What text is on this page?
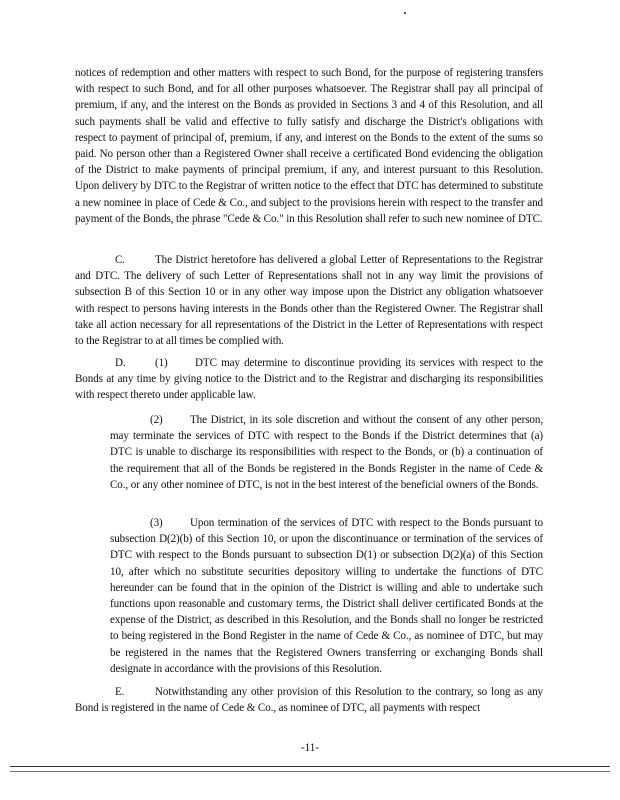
notices of redemption and other matters with respect to such Bond, for the purpose of registering transfers with respect to such Bond, and for all other purposes whatsoever. The Registrar shall pay all principal of premium, if any, and the interest on the Bonds as provided in Sections 3 and 4 of this Resolution, and all such payments shall be valid and effective to fully satisfy and discharge the District's obligations with respect to payment of principal of, premium, if any, and interest on the Bonds to the extent of the sums so paid. No person other than a Registered Owner shall receive a certificated Bond evidencing the obligation of the District to make payments of principal premium, if any, and interest pursuant to this Resolution. Upon delivery by DTC to the Registrar of written notice to the effect that DTC has determined to substitute a new nominee in place of Cede & Co., and subject to the provisions herein with respect to the transfer and payment of the Bonds, the phrase "Cede & Co." in this Resolution shall refer to such new nominee of DTC.
C.	The District heretofore has delivered a global Letter of Representations to the Registrar and DTC. The delivery of such Letter of Representations shall not in any way limit the provisions of subsection B of this Section 10 or in any other way impose upon the District any obligation whatsoever with respect to persons having interests in the Bonds other than the Registered Owner. The Registrar shall take all action necessary for all representations of the District in the Letter of Representations with respect to the Registrar to at all times be complied with.
D.	(1) DTC may determine to discontinue providing its services with respect to the Bonds at any time by giving notice to the District and to the Registrar and discharging its responsibilities with respect thereto under applicable law.
(2) The District, in its sole discretion and without the consent of any other person, may terminate the services of DTC with respect to the Bonds if the District determines that (a) DTC is unable to discharge its responsibilities with respect to the Bonds, or (b) a continuation of the requirement that all of the Bonds be registered in the Bonds Register in the name of Cede & Co., or any other nominee of DTC, is not in the best interest of the beneficial owners of the Bonds.
(3) Upon termination of the services of DTC with respect to the Bonds pursuant to subsection D(2)(b) of this Section 10, or upon the discontinuance or termination of the services of DTC with respect to the Bonds pursuant to subsection D(1) or subsection D(2)(a) of this Section 10, after which no substitute securities depository willing to undertake the functions of DTC hereunder can be found that in the opinion of the District is willing and able to undertake such functions upon reasonable and customary terms, the District shall deliver certificated Bonds at the expense of the District, as described in this Resolution, and the Bonds shall no longer be restricted to being registered in the Bond Register in the name of Cede & Co., as nominee of DTC, but may be registered in the names that the Registered Owners transferring or exchanging Bonds shall designate in accordance with the provisions of this Resolution.
E.	Notwithstanding any other provision of this Resolution to the contrary, so long as any Bond is registered in the name of Cede & Co., as nominee of DTC, all payments with respect
-11-
